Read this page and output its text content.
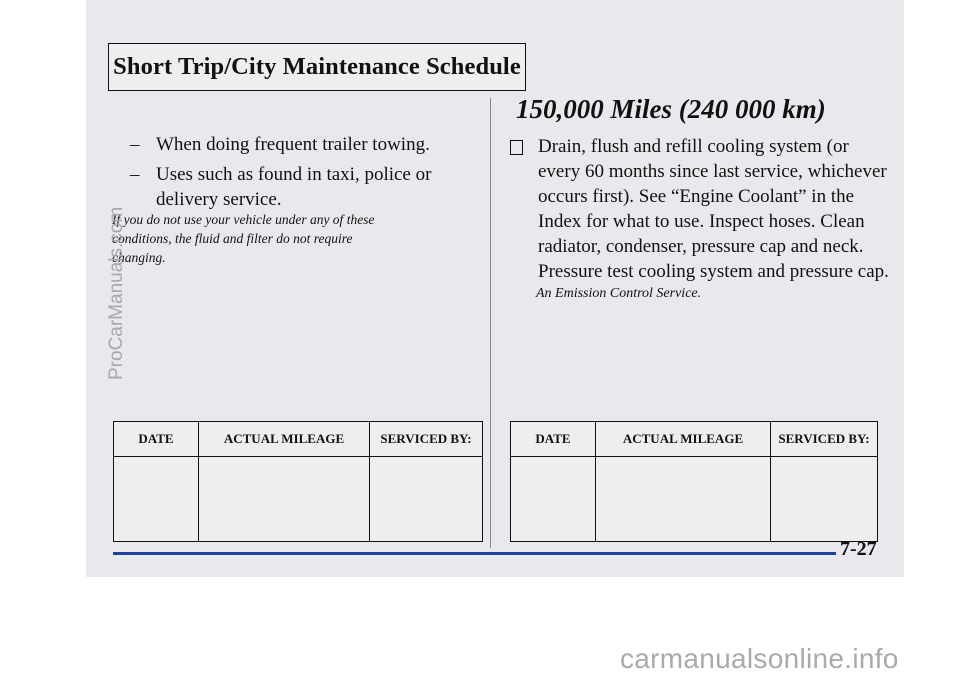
Short Trip/City Maintenance Schedule
– When doing frequent trailer towing.
– Uses such as found in taxi, police or delivery service.
If you do not use your vehicle under any of these conditions, the fluid and filter do not require changing.
ProCarManuals.com
150,000 Miles (240 000 km)
Drain, flush and refill cooling system (or every 60 months since last service, whichever occurs first). See “Engine Coolant” in the Index for what to use. Inspect hoses. Clean radiator, condenser, pressure cap and neck. Pressure test cooling system and pressure cap.
An Emission Control Service.
DATE	ACTUAL MILEAGE	SERVICED BY:
			DATE	ACTUAL MILEAGE	SERVICED BY:

7-27
carmanualsonline.info
